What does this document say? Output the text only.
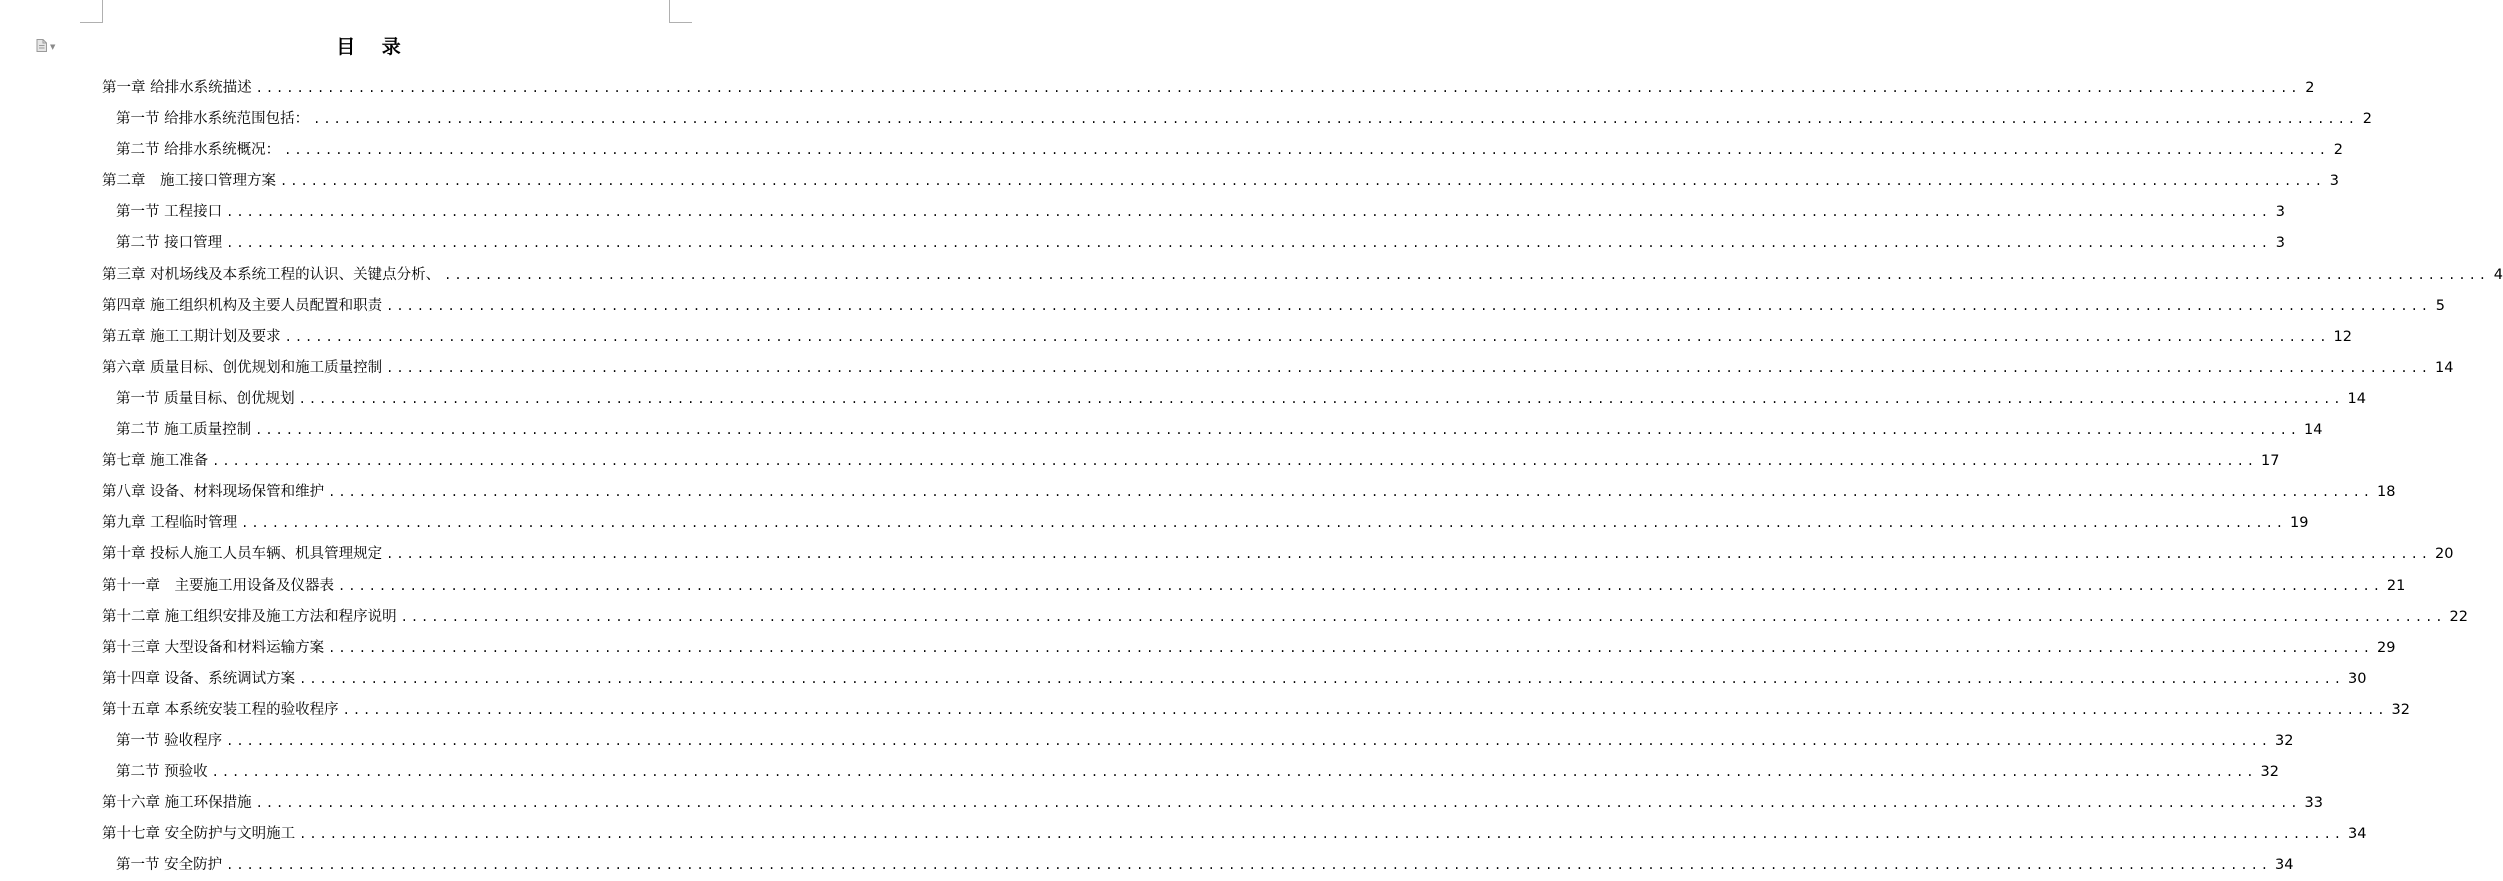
▼	目 录
第一章 给排水系统描述 ........................................................................................................................................................................................................ 2
第一节 给排水系统范围包括： ........................................................................................................................................................................................................ 2
第二节 给排水系统概况： ........................................................................................................................................................................................................ 2
第二章　施工接口管理方案 ........................................................................................................................................................................................................ 3
第一节 工程接口 ........................................................................................................................................................................................................ 3
第二节 接口管理 ........................................................................................................................................................................................................ 3
第三章 对机场线及本系统工程的认识、关键点分析、 ........................................................................................................................................................................................................ 4
第四章 施工组织机构及主要人员配置和职责 ........................................................................................................................................................................................................ 5
第五章 施工工期计划及要求 ........................................................................................................................................................................................................ 12
第六章 质量目标、创优规划和施工质量控制 ........................................................................................................................................................................................................ 14
第一节 质量目标、创优规划 ........................................................................................................................................................................................................ 14
第二节 施工质量控制 ........................................................................................................................................................................................................ 14
第七章 施工准备 ........................................................................................................................................................................................................ 17
第八章 设备、材料现场保管和维护 ........................................................................................................................................................................................................ 18
第九章 工程临时管理 ........................................................................................................................................................................................................ 19
第十章 投标人施工人员车辆、机具管理规定 ........................................................................................................................................................................................................ 20
第十一章　主要施工用设备及仪器表 ........................................................................................................................................................................................................ 21
第十二章 施工组织安排及施工方法和程序说明 ........................................................................................................................................................................................................ 22
第十三章 大型设备和材料运输方案 ........................................................................................................................................................................................................ 29
第十四章 设备、系统调试方案 ........................................................................................................................................................................................................ 30
第十五章 本系统安装工程的验收程序 ........................................................................................................................................................................................................ 32
第一节 验收程序 ........................................................................................................................................................................................................ 32
第二节 预验收 ........................................................................................................................................................................................................ 32
第十六章 施工环保措施 ........................................................................................................................................................................................................ 33
第十七章 安全防护与文明施工 ........................................................................................................................................................................................................ 34
第一节 安全防护 ........................................................................................................................................................................................................ 34
